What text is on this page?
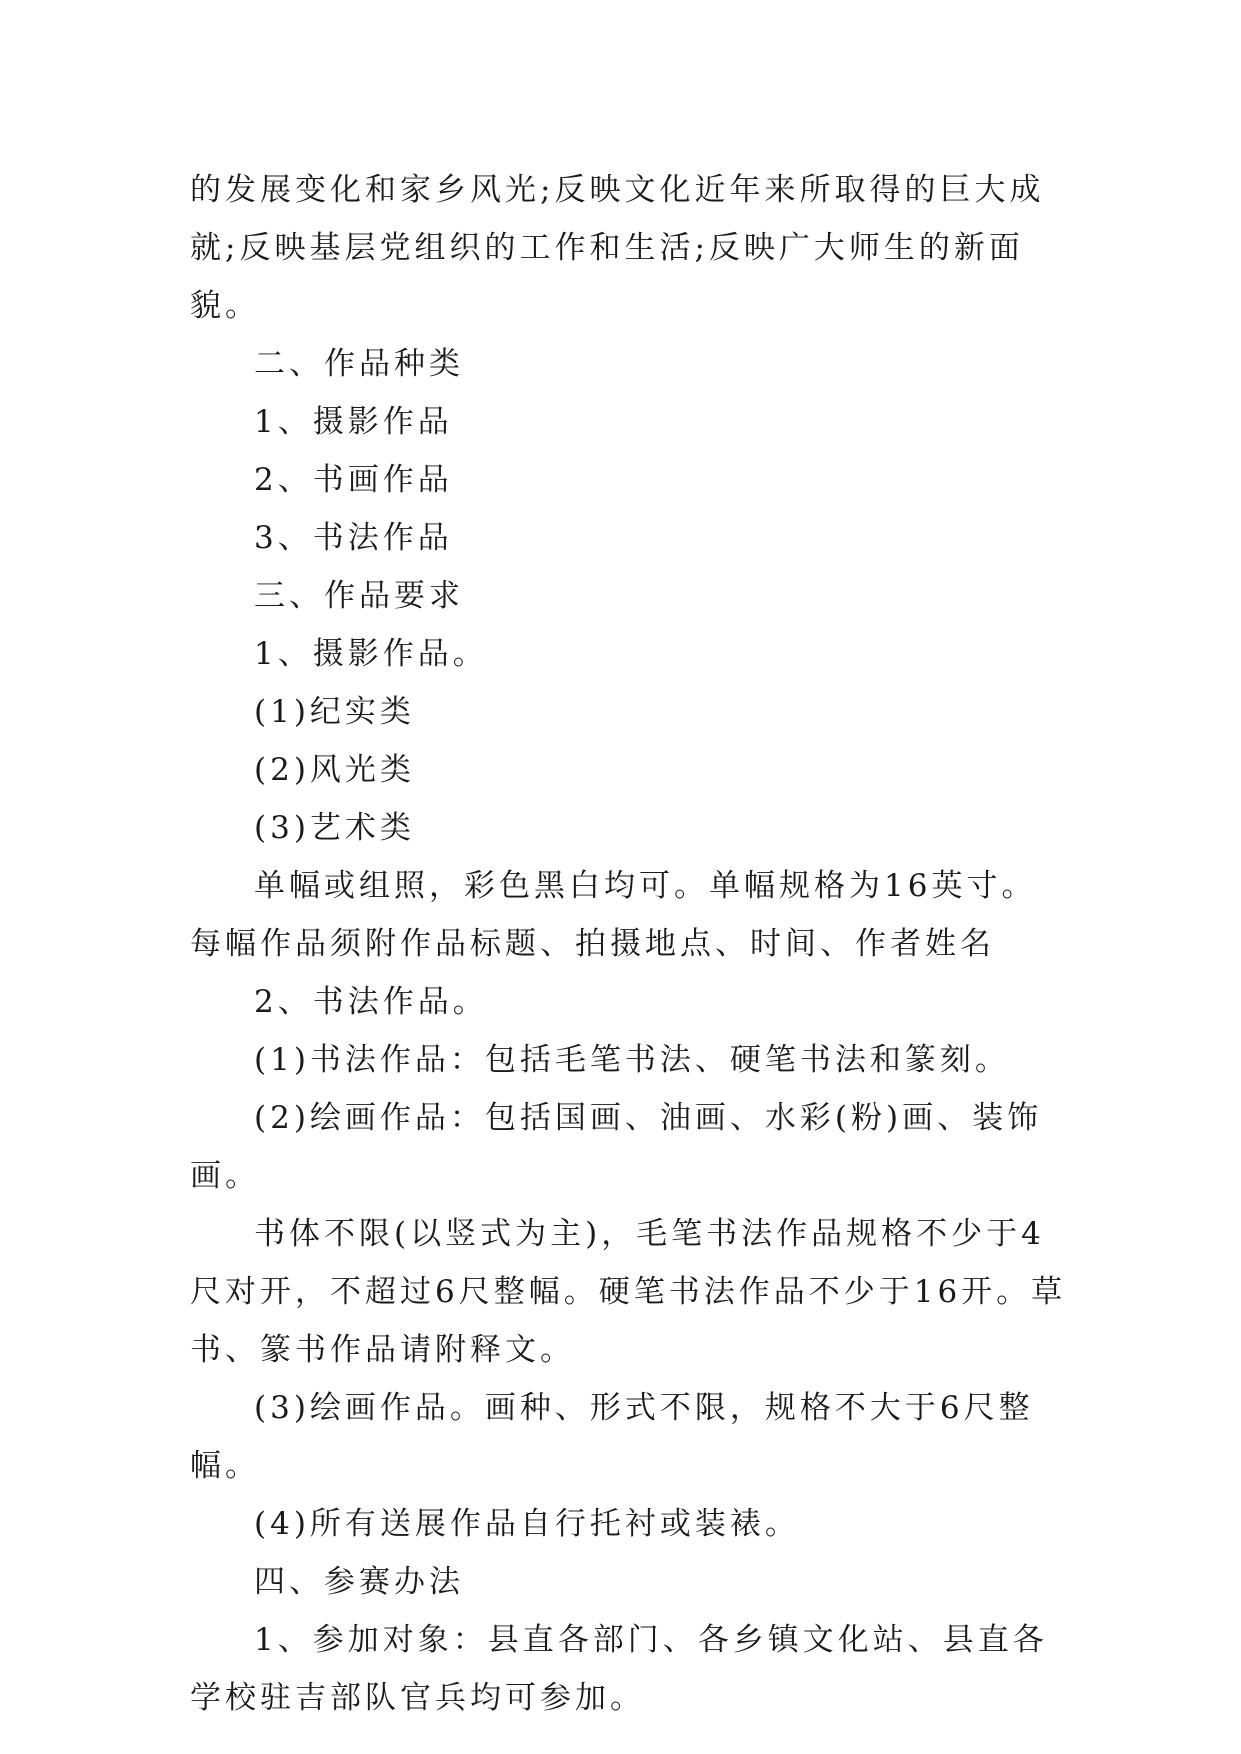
的发展变化和家乡风光;反映文化近年来所取得的巨大成就;反映基层党组织的工作和生活;反映广大师生的新面貌。

二、作品种类

1、摄影作品

2、书画作品

3、书法作品

三、作品要求

1、摄影作品。

(1)纪实类

(2)风光类

(3)艺术类

单幅或组照，彩色黑白均可。单幅规格为16英寸。每幅作品须附作品标题、拍摄地点、时间、作者姓名

2、书法作品。

(1)书法作品：包括毛笔书法、硬笔书法和篆刻。

(2)绘画作品：包括国画、油画、水彩(粉)画、装饰画。

书体不限(以竖式为主)，毛笔书法作品规格不少于4尺对开，不超过6尺整幅。硬笔书法作品不少于16开。草书、篆书作品请附释文。

(3)绘画作品。画种、形式不限，规格不大于6尺整幅。

(4)所有送展作品自行托衬或装裱。

四、参赛办法

1、参加对象：县直各部门、各乡镇文化站、县直各学校驻吉部队官兵均可参加。
